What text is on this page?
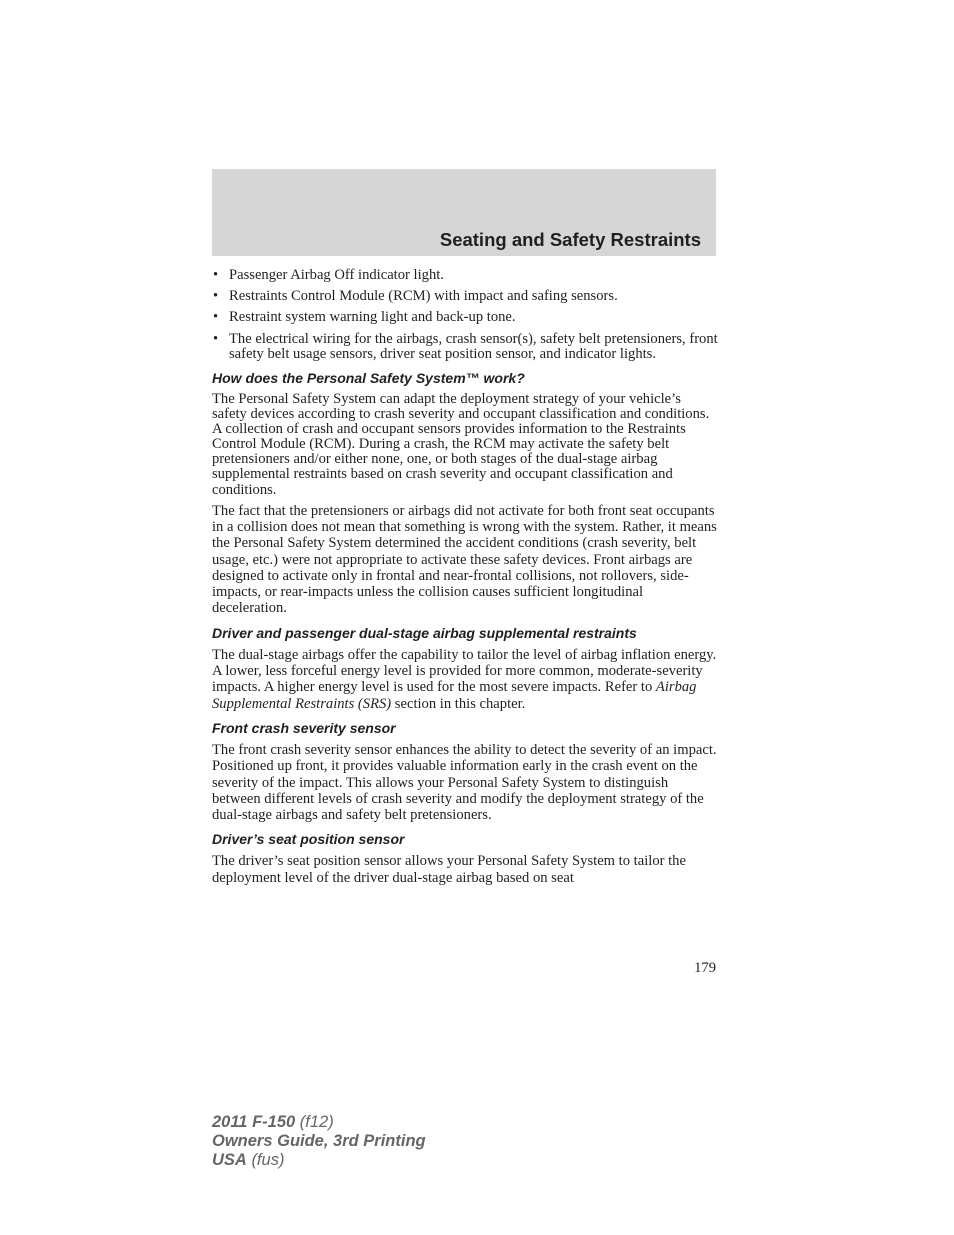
Seating and Safety Restraints
• Passenger Airbag Off indicator light.
• Restraints Control Module (RCM) with impact and safing sensors.
• Restraint system warning light and back-up tone.
• The electrical wiring for the airbags, crash sensor(s), safety belt pretensioners, front safety belt usage sensors, driver seat position sensor, and indicator lights.
How does the Personal Safety System™ work?

The Personal Safety System can adapt the deployment strategy of your vehicle’s safety devices according to crash severity and occupant classification and conditions. A collection of crash and occupant sensors provides information to the Restraints Control Module (RCM). During a crash, the RCM may activate the safety belt pretensioners and/or either none, one, or both stages of the dual-stage airbag supplemental restraints based on crash severity and occupant classification and conditions.

The fact that the pretensioners or airbags did not activate for both front seat occupants in a collision does not mean that something is wrong with the system. Rather, it means the Personal Safety System determined the accident conditions (crash severity, belt usage, etc.) were not appropriate to activate these safety devices. Front airbags are designed to activate only in frontal and near-frontal collisions, not rollovers, side-impacts, or rear-impacts unless the collision causes sufficient longitudinal deceleration.

Driver and passenger dual-stage airbag supplemental restraints

The dual-stage airbags offer the capability to tailor the level of airbag inflation energy. A lower, less forceful energy level is provided for more common, moderate-severity impacts. A higher energy level is used for the most severe impacts. Refer to Airbag Supplemental Restraints (SRS) section in this chapter.

Front crash severity sensor

The front crash severity sensor enhances the ability to detect the severity of an impact. Positioned up front, it provides valuable information early in the crash event on the severity of the impact. This allows your Personal Safety System to distinguish between different levels of crash severity and modify the deployment strategy of the dual-stage airbags and safety belt pretensioners.

Driver’s seat position sensor

The driver’s seat position sensor allows your Personal Safety System to tailor the deployment level of the driver dual-stage airbag based on seat

179
2011 F-150 (f12)
Owners Guide, 3rd Printing
USA (fus)
